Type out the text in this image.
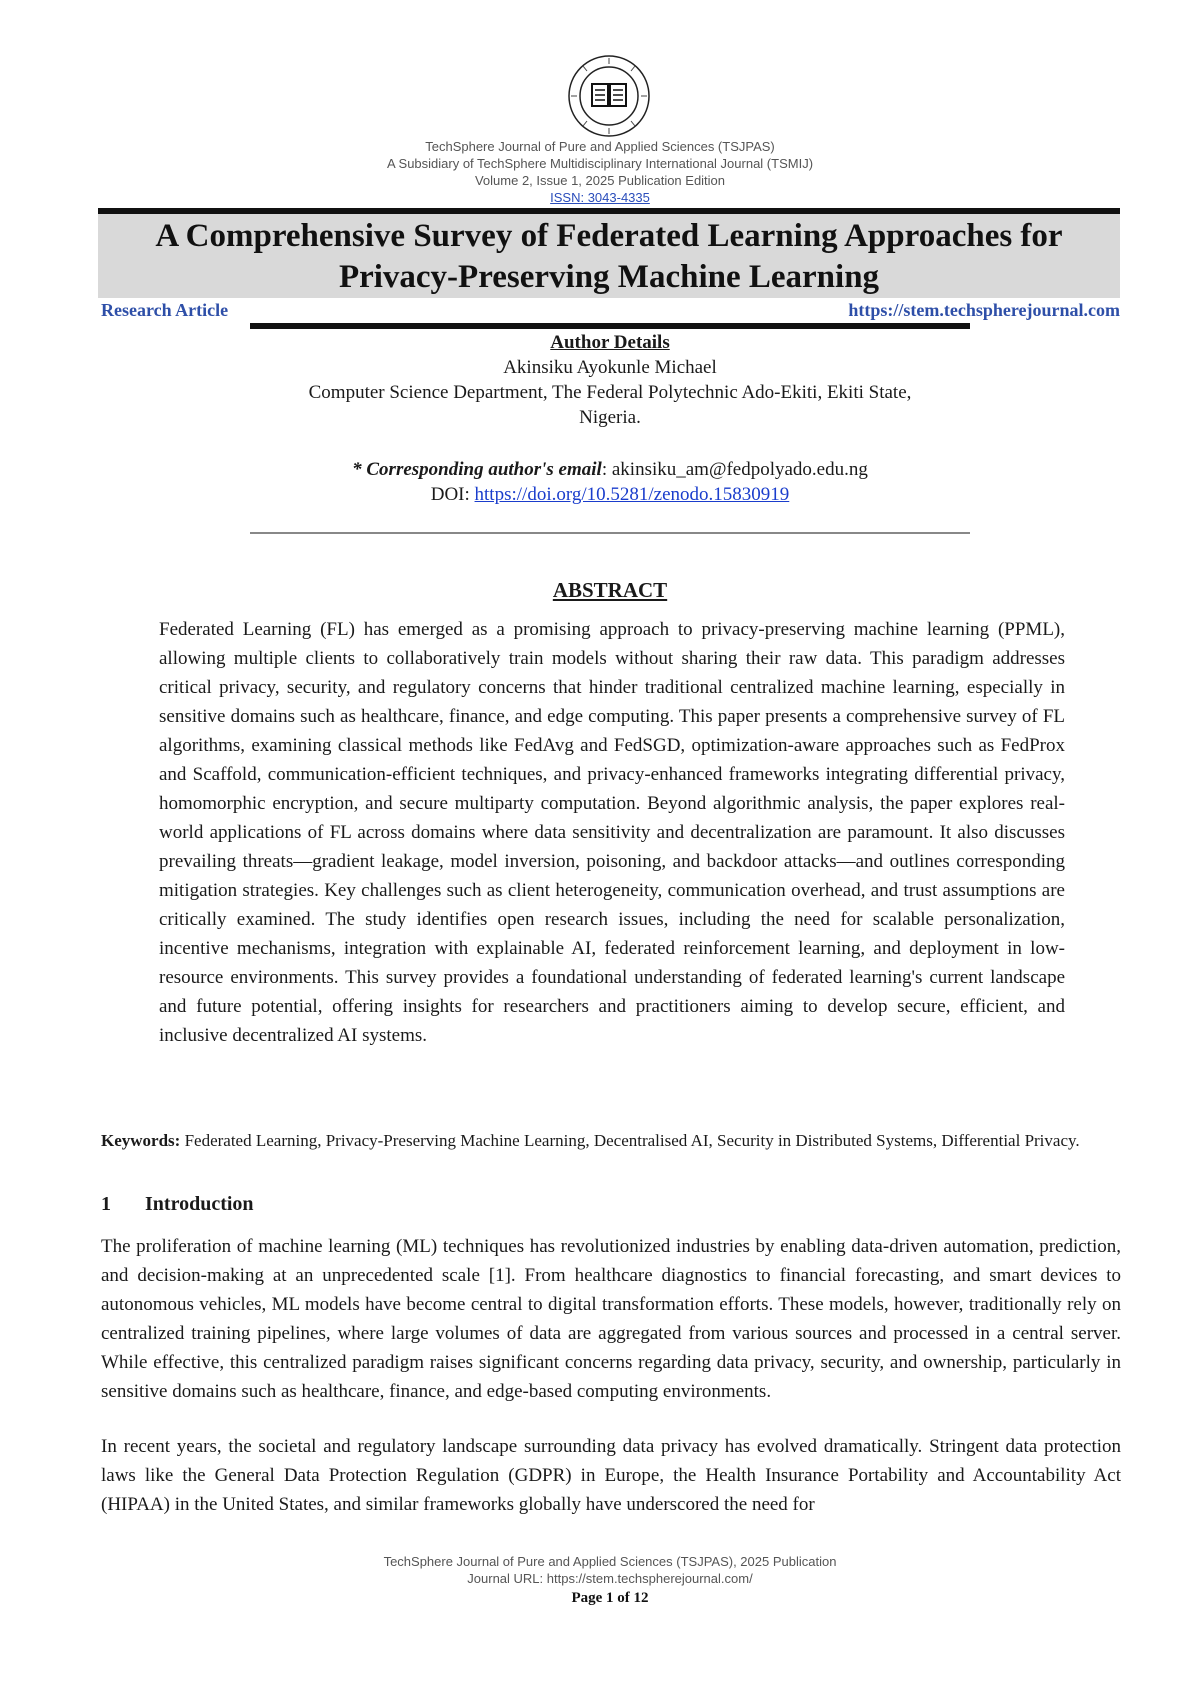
TechSphere Journal of Pure and Applied Sciences (TSJPAS)
A Subsidiary of TechSphere Multidisciplinary International Journal (TSMIJ)
Volume 2, Issue 1, 2025 Publication Edition
ISSN: 3043-4335
A Comprehensive Survey of Federated Learning Approaches for Privacy-Preserving Machine Learning
Research Article	https://stem.techspherejournal.com
Author Details
Akinsiku Ayokunle Michael
Computer Science Department, The Federal Polytechnic Ado-Ekiti, Ekiti State,
Nigeria.
* Corresponding author's email: akinsiku_am@fedpolyado.edu.ng
DOI: https://doi.org/10.5281/zenodo.15830919
ABSTRACT

Federated Learning (FL) has emerged as a promising approach to privacy-preserving machine learning (PPML), allowing multiple clients to collaboratively train models without sharing their raw data. This paradigm addresses critical privacy, security, and regulatory concerns that hinder traditional centralized machine learning, especially in sensitive domains such as healthcare, finance, and edge computing. This paper presents a comprehensive survey of FL algorithms, examining classical methods like FedAvg and FedSGD, optimization-aware approaches such as FedProx and Scaffold, communication-efficient techniques, and privacy-enhanced frameworks integrating differential privacy, homomorphic encryption, and secure multiparty computation. Beyond algorithmic analysis, the paper explores real-world applications of FL across domains where data sensitivity and decentralization are paramount. It also discusses prevailing threats—gradient leakage, model inversion, poisoning, and backdoor attacks—and outlines corresponding mitigation strategies. Key challenges such as client heterogeneity, communication overhead, and trust assumptions are critically examined. The study identifies open research issues, including the need for scalable personalization, incentive mechanisms, integration with explainable AI, federated reinforcement learning, and deployment in low-resource environments. This survey provides a foundational understanding of federated learning's current landscape and future potential, offering insights for researchers and practitioners aiming to develop secure, efficient, and inclusive decentralized AI systems.

Keywords: Federated Learning, Privacy-Preserving Machine Learning, Decentralised AI, Security in Distributed Systems, Differential Privacy.

1 Introduction

The proliferation of machine learning (ML) techniques has revolutionized industries by enabling data-driven automation, prediction, and decision-making at an unprecedented scale [1]. From healthcare diagnostics to financial forecasting, and smart devices to autonomous vehicles, ML models have become central to digital transformation efforts. These models, however, traditionally rely on centralized training pipelines, where large volumes of data are aggregated from various sources and processed in a central server. While effective, this centralized paradigm raises significant concerns regarding data privacy, security, and ownership, particularly in sensitive domains such as healthcare, finance, and edge-based computing environments.

In recent years, the societal and regulatory landscape surrounding data privacy has evolved dramatically. Stringent data protection laws like the General Data Protection Regulation (GDPR) in Europe, the Health Insurance Portability and Accountability Act (HIPAA) in the United States, and similar frameworks globally have underscored the need for

TechSphere Journal of Pure and Applied Sciences (TSJPAS), 2025 Publication
Journal URL: https://stem.techspherejournal.com/
Page 1 of 12
